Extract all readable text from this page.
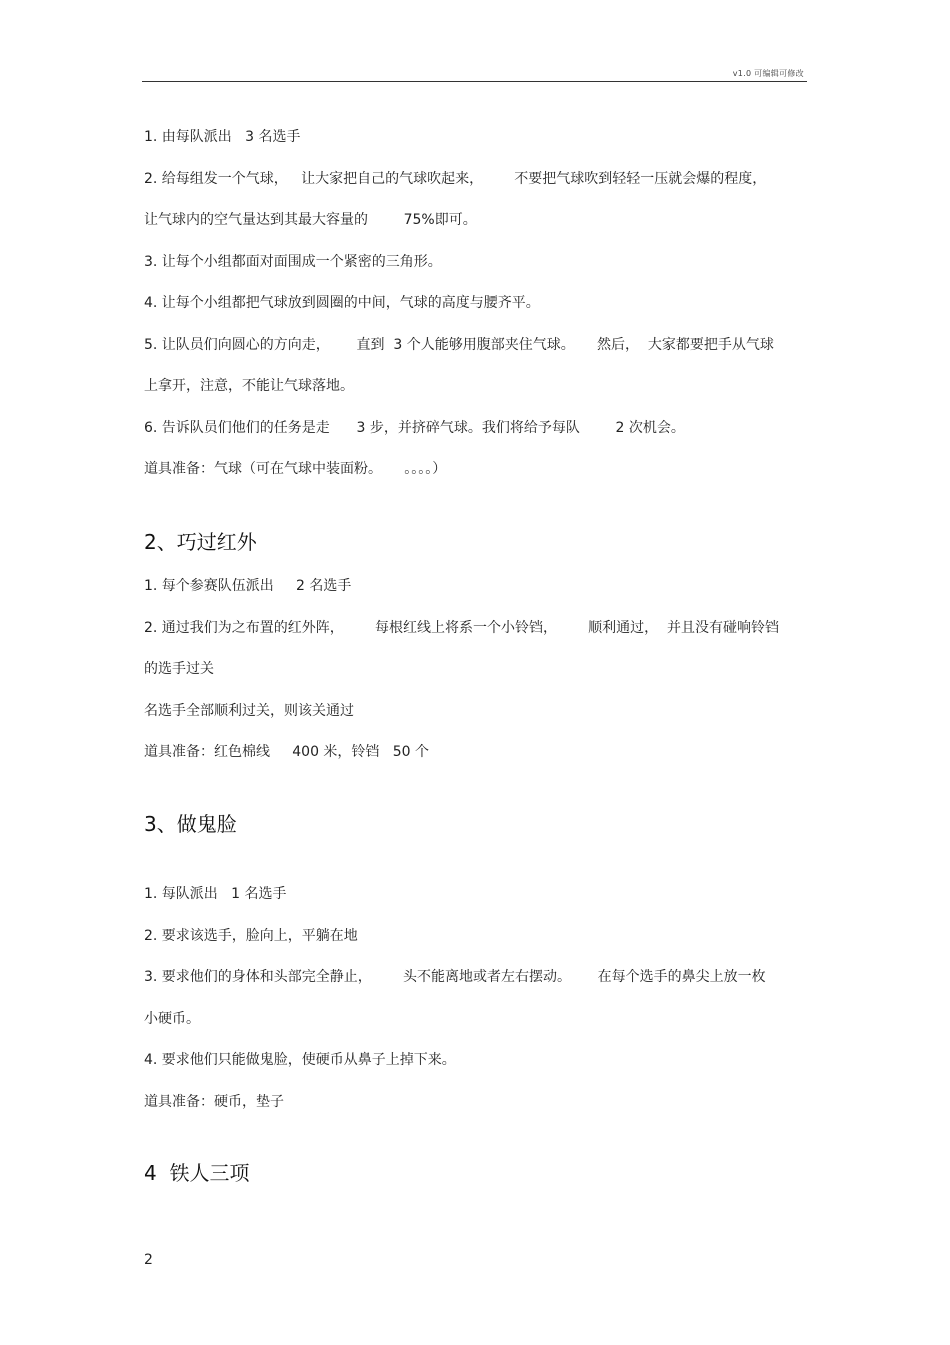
v1.0 可编辑可修改
1. 由每队派出   3 名选手
2. 给每组发一个气球，   让大家把自己的气球吹起来，       不要把气球吹到轻轻一压就会爆的程度，
让气球内的空气量达到其最大容量的        75%即可。
3. 让每个小组都面对面围成一个紧密的三角形。
4. 让每个小组都把气球放到圆圈的中间，气球的高度与腰齐平。
5. 让队员们向圆心的方向走，      直到  3 个人能够用腹部夹住气球。     然后，  大家都要把手从气球
上拿开，注意，不能让气球落地。
6. 告诉队员们他们的任务是走      3 步，并挤碎气球。我们将给予每队        2 次机会。
道具准备：气球（可在气球中装面粉。     。。。。）
2、巧过红外
1. 每个参赛队伍派出     2 名选手
2. 通过我们为之布置的红外阵，       每根红线上将系一个小铃铛，       顺利通过，  并且没有碰响铃铛
的选手过关
名选手全部顺利过关，则该关通过
道具准备：红色棉线     400 米，铃铛   50 个
3、做鬼脸
1. 每队派出   1 名选手
2. 要求该选手，脸向上，平躺在地
3. 要求他们的身体和头部完全静止，       头不能离地或者左右摆动。      在每个选手的鼻尖上放一枚
小硬币。
4. 要求他们只能做鬼脸，使硬币从鼻子上掉下来。
道具准备：硬币，垫子
4  铁人三项
2
